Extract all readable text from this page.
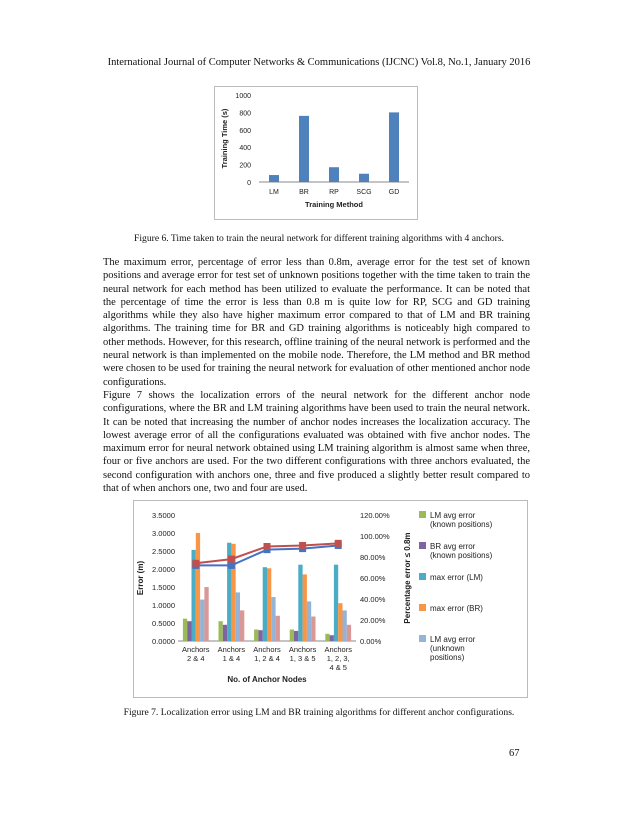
International Journal of Computer Networks & Communications (IJCNC) Vol.8, No.1, January 2016
0
200
400
600
800
1000
LM	BR	RP	SCG GD
Training Method
Training Time (s)
Figure 6. Time taken to train the neural network for different training algorithms with 4 anchors.

The maximum error, percentage of error less than 0.8m, average error for the test set of known positions and average error for test set of unknown positions together with the time taken to train the neural network for each method has been utilized to evaluate the performance. It can be noted that the percentage of time the error is less than 0.8 m is quite low for RP, SCG and GD training algorithms while they also have higher maximum error compared to that of LM and BR training algorithms. The training time for BR and GD training algorithms is noticeably high compared to other methods. However, for this research, offline training of the neural network is performed and the neural network is than implemented on the mobile node. Therefore, the LM method and BR method were chosen to be used for training the neural network for evaluation of other mentioned anchor node configurations.

Figure 7 shows the localization errors of the neural network for the different anchor node configurations, where the BR and LM training algorithms have been used to train the neural network. It can be noted that increasing the number of anchor nodes increases the localization accuracy. The lowest average error of all the configurations evaluated was obtained with five anchor nodes. The maximum error for neural network obtained using LM training algorithm is almost same when three, four or five anchors are used. For the two different configurations with three anchors evaluated, the second configuration with anchors one, three and five produced a slightly better result compared to that of when anchors one, two and four are used.

0.0000
0.5000
1.0000
1.5000
2.0000
2.5000
3.0000
3.5000
0.00%
20.00%
40.00%
60.00%
80.00%
100.00%
120.00%
Anchors
2 & 4
Anchors
1 & 4
Anchors
1, 2 & 4
Anchors
1, 3 & 5
Anchors
1, 2, 3,
4 & 5
No. of Anchor Nodes
Error (m)	Percentage error ≤ 0.8m
LM avg error
(known positions)
BR avg error
(known positions)
max error (LM)
max error (BR)
LM avg error
(unknown
positions)
Figure 7. Localization error using LM and BR training algorithms for different anchor configurations.
67
